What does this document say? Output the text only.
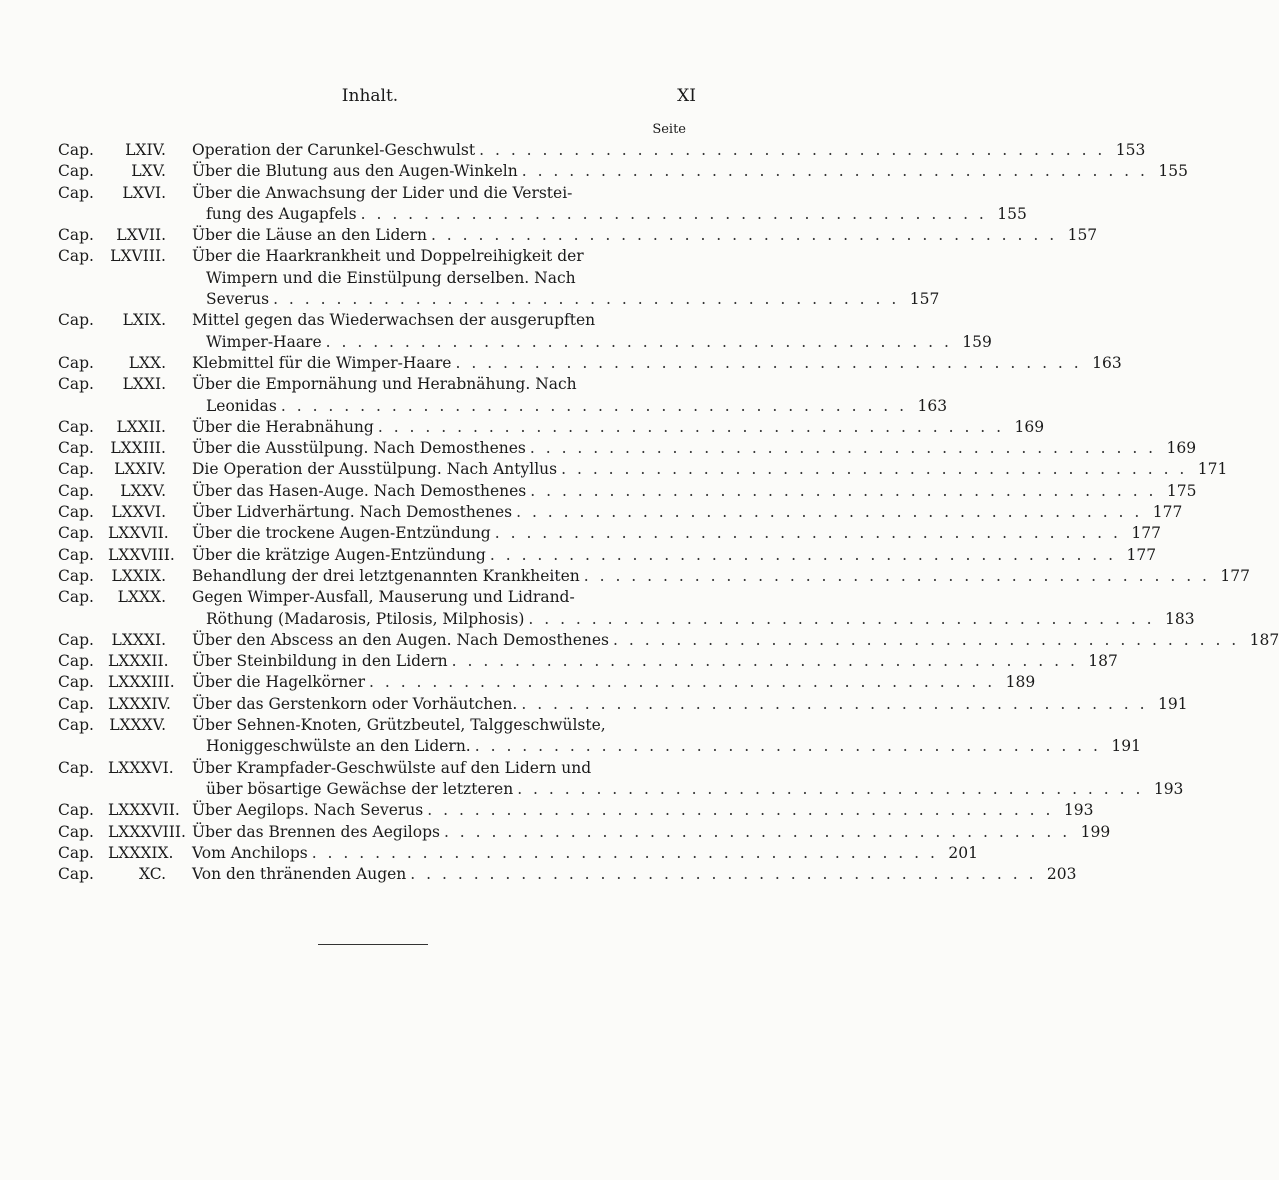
Inhalt.	XI
Seite
Cap.	LXIV.	Operation der Carunkel-Geschwulst . . . . . . . . . . . . . . . . . . . . . . . . . . . . . . . . . . . . . . . . 153
Cap.	LXV.	Über die Blutung aus den Augen-Winkeln . . . . . . . . . . . . . . . . . . . . . . . . . . . . . . . . . . . . . . . . 155
Cap.	LXVI.	Über die Anwachsung der Lider und die Verstei-
fung des Augapfels . . . . . . . . . . . . . . . . . . . . . . . . . . . . . . . . . . . . . . . . 155
Cap.	LXVII.	Über die Läuse an den Lidern . . . . . . . . . . . . . . . . . . . . . . . . . . . . . . . . . . . . . . . . 157
Cap.	LXVIII.	Über die Haarkrankheit und Doppelreihigkeit der
Wimpern und die Einstülpung derselben. Nach
Severus . . . . . . . . . . . . . . . . . . . . . . . . . . . . . . . . . . . . . . . . 157
Cap.	LXIX.	Mittel gegen das Wiederwachsen der ausgerupften
Wimper-Haare . . . . . . . . . . . . . . . . . . . . . . . . . . . . . . . . . . . . . . . . 159
Cap.	LXX.	Klebmittel für die Wimper-Haare . . . . . . . . . . . . . . . . . . . . . . . . . . . . . . . . . . . . . . . . 163
Cap.	LXXI.	Über die Empornähung und Herabnähung. Nach
Leonidas . . . . . . . . . . . . . . . . . . . . . . . . . . . . . . . . . . . . . . . . 163
Cap.	LXXII.	Über die Herabnähung . . . . . . . . . . . . . . . . . . . . . . . . . . . . . . . . . . . . . . . . 169
Cap.	LXXIII.	Über die Ausstülpung. Nach Demosthenes . . . . . . . . . . . . . . . . . . . . . . . . . . . . . . . . . . . . . . . . 169
Cap.	LXXIV.	Die Operation der Ausstülpung. Nach Antyllus . . . . . . . . . . . . . . . . . . . . . . . . . . . . . . . . . . . . . . . . 171
Cap.	LXXV.	Über das Hasen-Auge. Nach Demosthenes . . . . . . . . . . . . . . . . . . . . . . . . . . . . . . . . . . . . . . . . 175
Cap.	LXXVI.	Über Lidverhärtung. Nach Demosthenes . . . . . . . . . . . . . . . . . . . . . . . . . . . . . . . . . . . . . . . . 177
Cap. LXXVII.	Über die trockene Augen-Entzündung . . . . . . . . . . . . . . . . . . . . . . . . . . . . . . . . . . . . . . . . 177
Cap. LXXVIII.	Über die krätzige Augen-Entzündung . . . . . . . . . . . . . . . . . . . . . . . . . . . . . . . . . . . . . . . . 177
Cap.	LXXIX.	Behandlung der drei letztgenannten Krankheiten . . . . . . . . . . . . . . . . . . . . . . . . . . . . . . . . . . . . . . . . 177
Cap.	LXXX.	Gegen Wimper-Ausfall, Mauserung und Lidrand-
Röthung (Madarosis, Ptilosis, Milphosis) . . . . . . . . . . . . . . . . . . . . . . . . . . . . . . . . . . . . . . . . 183
Cap.	LXXXI.	Über den Abscess an den Augen. Nach Demosthenes . . . . . . . . . . . . . . . . . . . . . . . . . . . . . . . . . . . . . . . . 187
Cap. LXXXII.	Über Steinbildung in den Lidern . . . . . . . . . . . . . . . . . . . . . . . . . . . . . . . . . . . . . . . . 187
Cap. LXXXIII.	Über die Hagelkörner . . . . . . . . . . . . . . . . . . . . . . . . . . . . . . . . . . . . . . . . 189
Cap. LXXXIV.	Über das Gerstenkorn oder Vorhäutchen. . . . . . . . . . . . . . . . . . . . . . . . . . . . . . . . . . . . . . . . . 191
Cap. LXXXV.	Über Sehnen-Knoten, Grützbeutel, Talggeschwülste,
Honiggeschwülste an den Lidern. . . . . . . . . . . . . . . . . . . . . . . . . . . . . . . . . . . . . . . . . 191
Cap. LXXXVI.	Über Krampfader-Geschwülste auf den Lidern und
über bösartige Gewächse der letzteren . . . . . . . . . . . . . . . . . . . . . . . . . . . . . . . . . . . . . . . . 193
Cap. LXXXVII. Über Aegilops. Nach Severus . . . . . . . . . . . . . . . . . . . . . . . . . . . . . . . . . . . . . . . . 193
Cap. LXXXVIII. Über das Brennen des Aegilops . . . . . . . . . . . . . . . . . . . . . . . . . . . . . . . . . . . . . . . . 199
Cap. LXXXIX.	Vom Anchilops . . . . . . . . . . . . . . . . . . . . . . . . . . . . . . . . . . . . . . . . 201
Cap.	XC.	Von den thränenden Augen . . . . . . . . . . . . . . . . . . . . . . . . . . . . . . . . . . . . . . . . 203
